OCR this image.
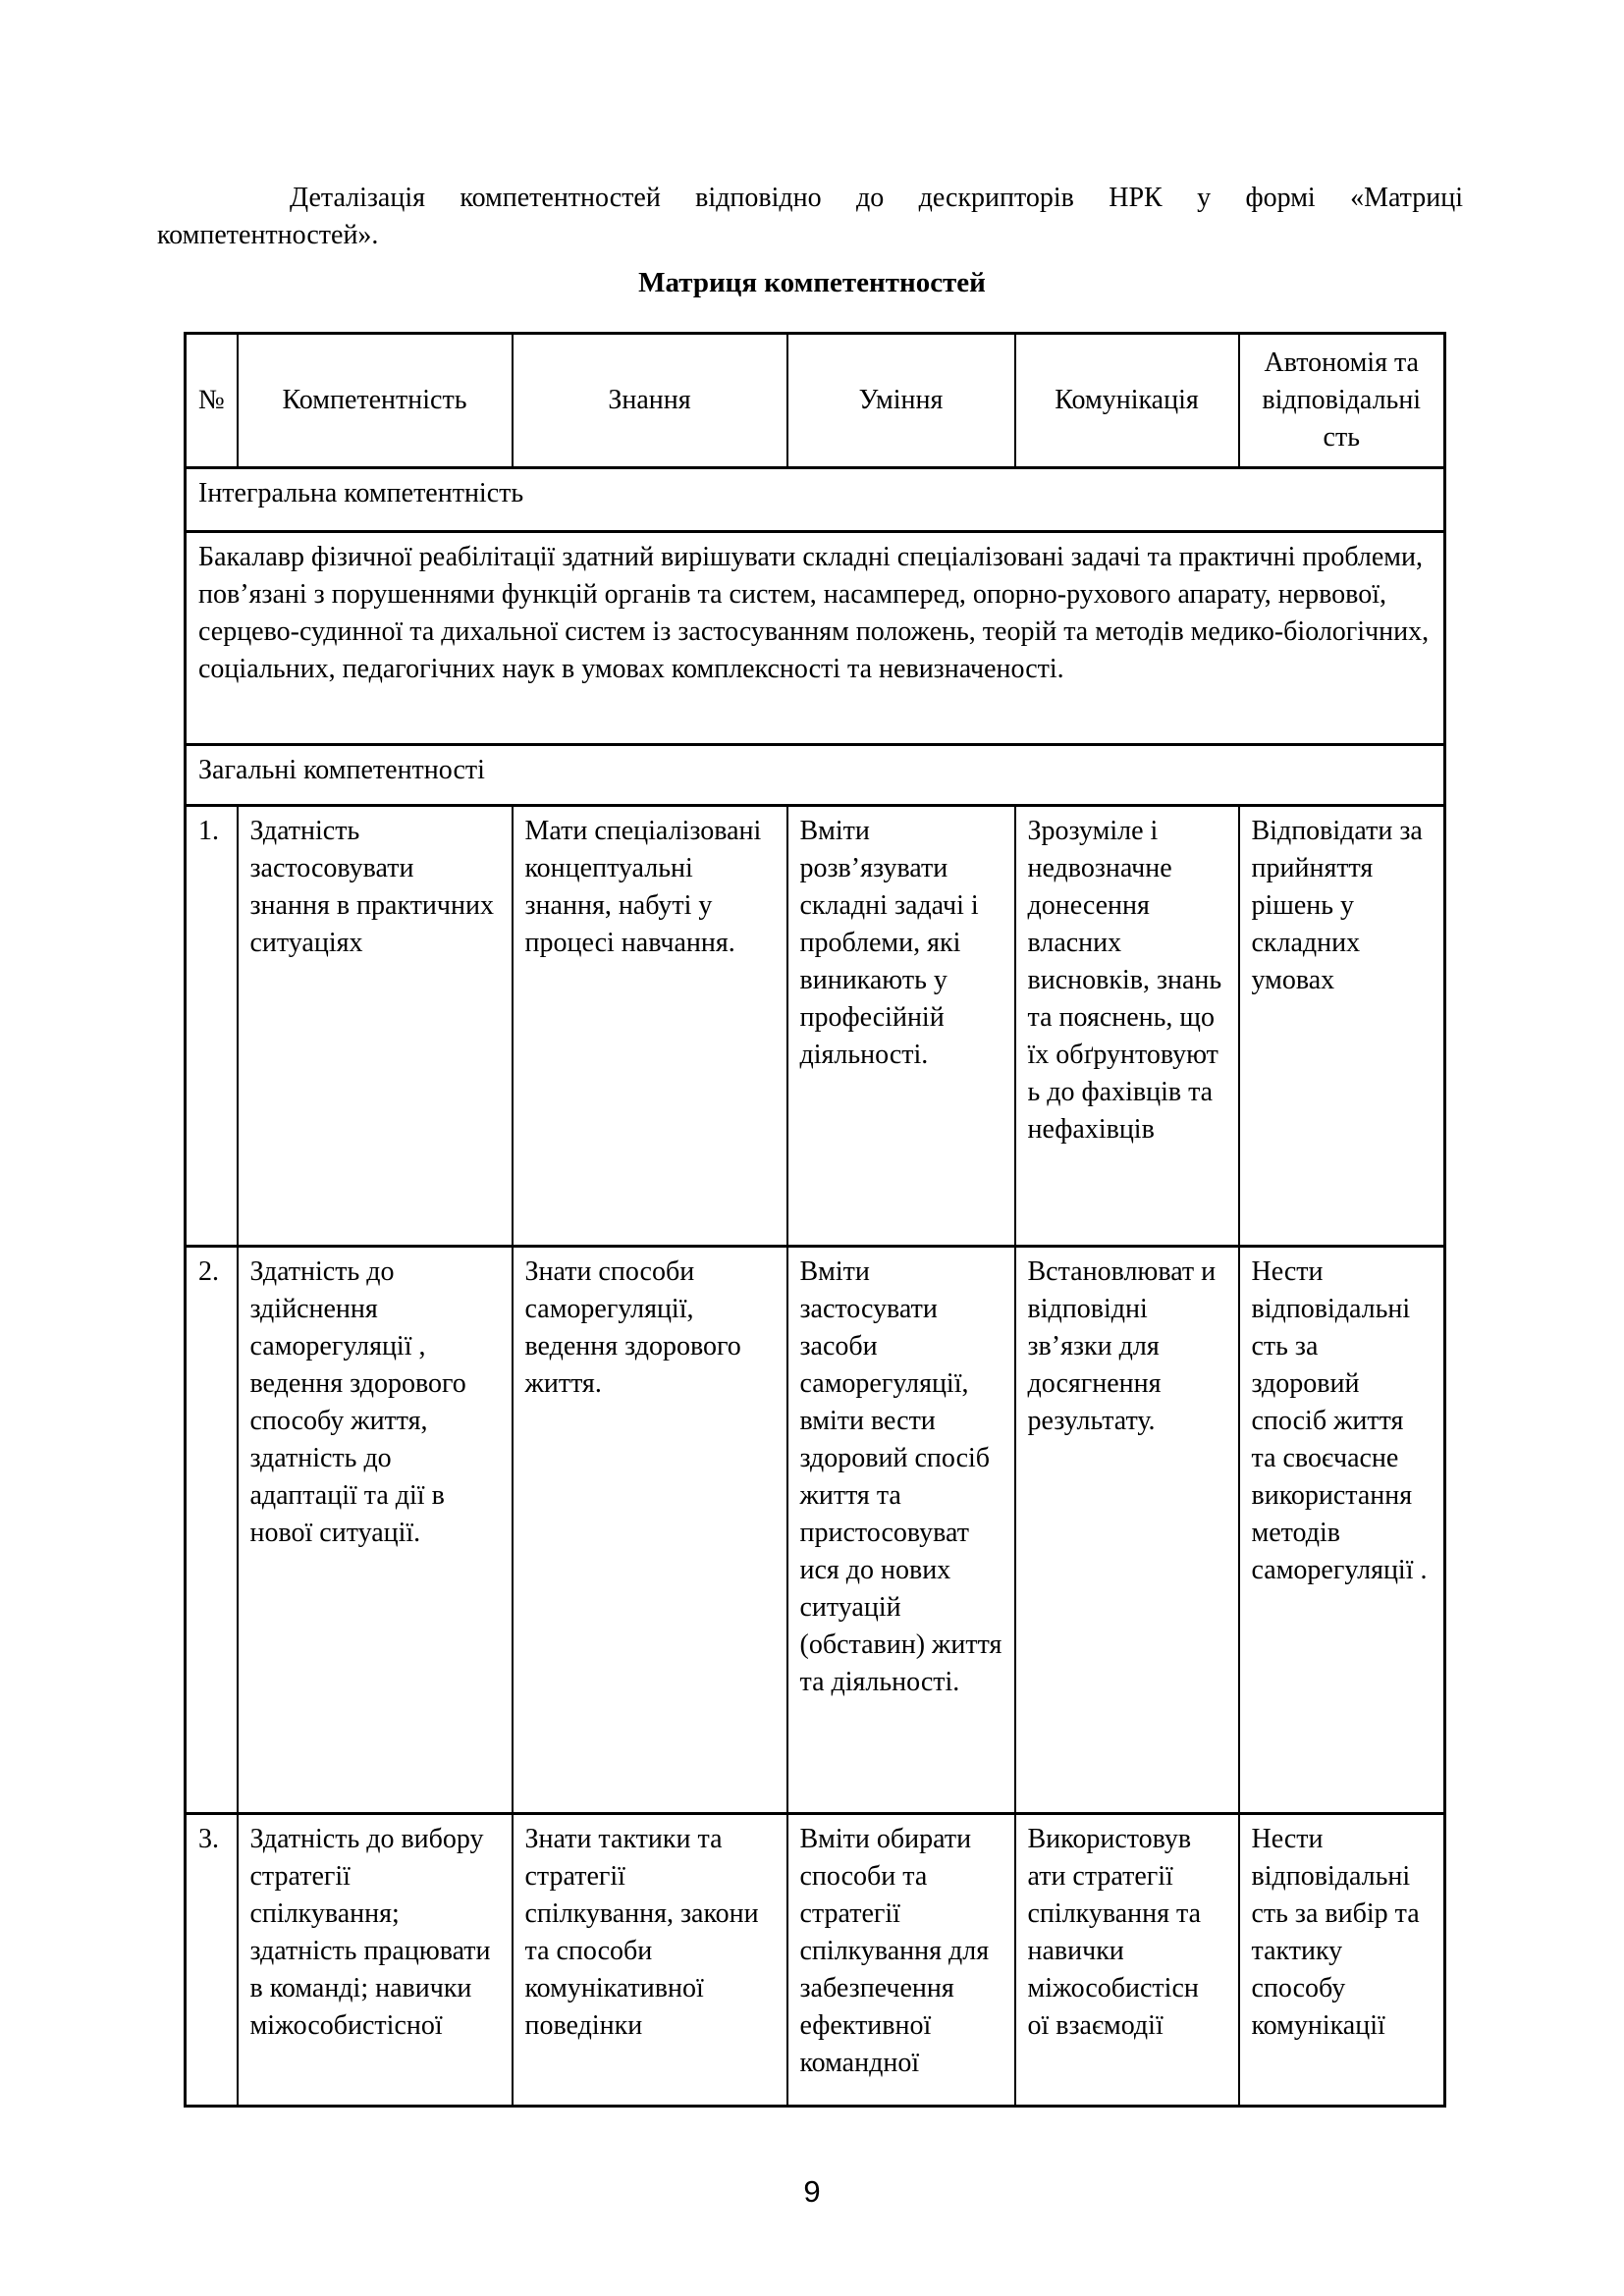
Деталізація компетентностей відповідно до дескрипторів НРК у формі «Матриці компетентностей».

Матриця компетентностей
№	Компетентність	Знання	Уміння	Комунікація	Автономія та відповідальні сть
Інтегральна компетентність					
Бакалавр фізичної реабілітації здатний вирішувати складні спеціалізовані задачі та практичні проблеми, пов’язані з порушеннями функцій органів та систем, насамперед, опорно-рухового апарату, нервової, серцево-судинної та дихальної систем із застосуванням положень, теорій та методів медико-біологічних, соціальних, педагогічних наук в умовах комплексності та невизначеності.					
Загальні компетентності					
1.	Здатність застосовувати знання в практичних ситуаціях	Мати спеціалізовані концептуальні знання, набуті у процесі навчання.	Вміти розв’язувати складні задачі і проблеми, які виникають у професійній діяльності.	Зрозуміле і недвозначне донесення власних висновків, знань та пояснень, що їх обґрунтовуют ь до фахівців та нефахівців	Відповідати за прийняття рішень у складних умовах
2.	Здатність до здійснення саморегуляції , ведення здорового способу життя, здатність до адаптації та дії в нової ситуації.	Знати способи саморегуляції, ведення здорового життя.	Вміти застосувати засоби саморегуляції, вміти вести здоровий спосіб життя та пристосовуват ися до нових ситуацій (обставин) життя та діяльності.	Встановлюват и відповідні зв’язки для досягнення результату.	Нести відповідальні сть за здоровий спосіб життя та своєчасне використання методів саморегуляції .
3.	Здатність до вибору стратегії спілкування; здатність працювати в команді; навички міжособистісної	Знати тактики та стратегії спілкування, закони та способи комунікативної поведінки	Вміти обирати способи та стратегії спілкування для забезпечення ефективної командної	Використовув ати стратегії спілкування та навички міжособистісн ої взаємодії	Нести відповідальні сть за вибір та тактику способу комунікації
9
